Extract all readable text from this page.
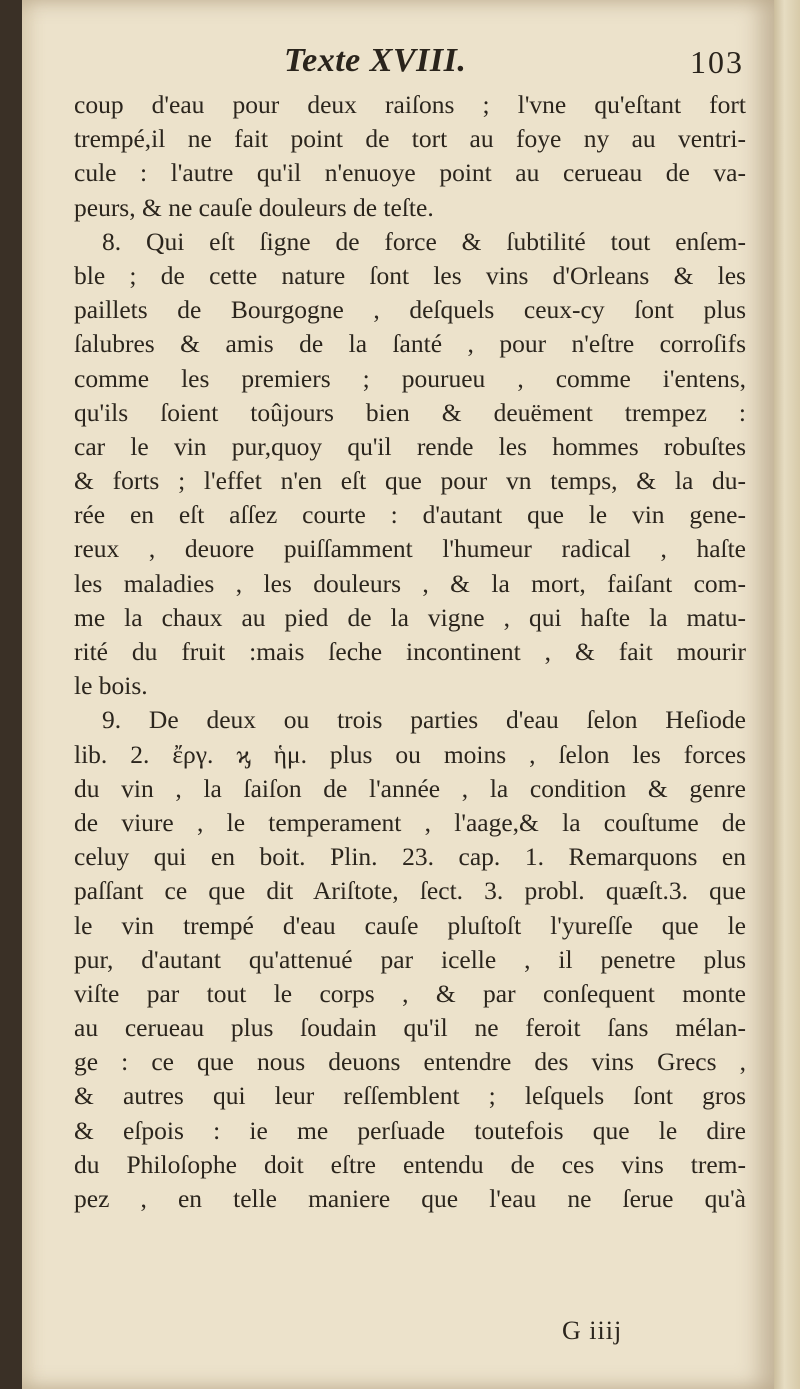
Texte XVIII.	103
coup d'eau pour deux raiſons ; l'vne qu'eſtant fort
trempé,il ne fait point de tort au foye ny au ventri-
cule : l'autre qu'il n'enuoye point au cerueau de va-
peurs, & ne cauſe douleurs de teſte.
8. Qui eſt ſigne de force & ſubtilité tout enſem-
ble ; de cette nature ſont les vins d'Orleans & les
paillets de Bourgogne , deſquels ceux-cy ſont plus
ſalubres & amis de la ſanté , pour n'eſtre corroſifs
comme les premiers ; pourueu , comme i'entens,
qu'ils ſoient toûjours bien & deuëment trempez :
car le vin pur,quoy qu'il rende les hommes robuſtes
& forts ; l'effet n'en eſt que pour vn temps, & la du-
rée en eſt aſſez courte : d'autant que le vin gene-
reux , deuore puiſſamment l'humeur radical , haſte
les maladies , les douleurs , & la mort, faiſant com-
me la chaux au pied de la vigne , qui haſte la matu-
rité du fruit :mais ſeche incontinent , & fait mourir
le bois.
9. De deux ou trois parties d'eau ſelon Heſiode
lib. 2. ἔργ. ϗ ἡμ. plus ou moins , ſelon les forces
du vin , la ſaiſon de l'année , la condition & genre
de viure , le temperament , l'aage,& la couſtume de
celuy qui en boit. Plin. 23. cap. 1. Remarquons en
paſſant ce que dit Ariſtote, ſect. 3. probl. quæſt.3. que
le vin trempé d'eau cauſe pluſtoſt l'yureſſe que le
pur, d'autant qu'attenué par icelle , il penetre plus
viſte par tout le corps , & par conſequent monte
au cerueau plus ſoudain qu'il ne feroit ſans mélan-
ge : ce que nous deuons entendre des vins Grecs ,
& autres qui leur reſſemblent ; leſquels ſont gros
& eſpois : ie me perſuade toutefois que le dire
du Philoſophe doit eſtre entendu de ces vins trem-
pez , en telle maniere que l'eau ne ſerue qu'à
G iiij
